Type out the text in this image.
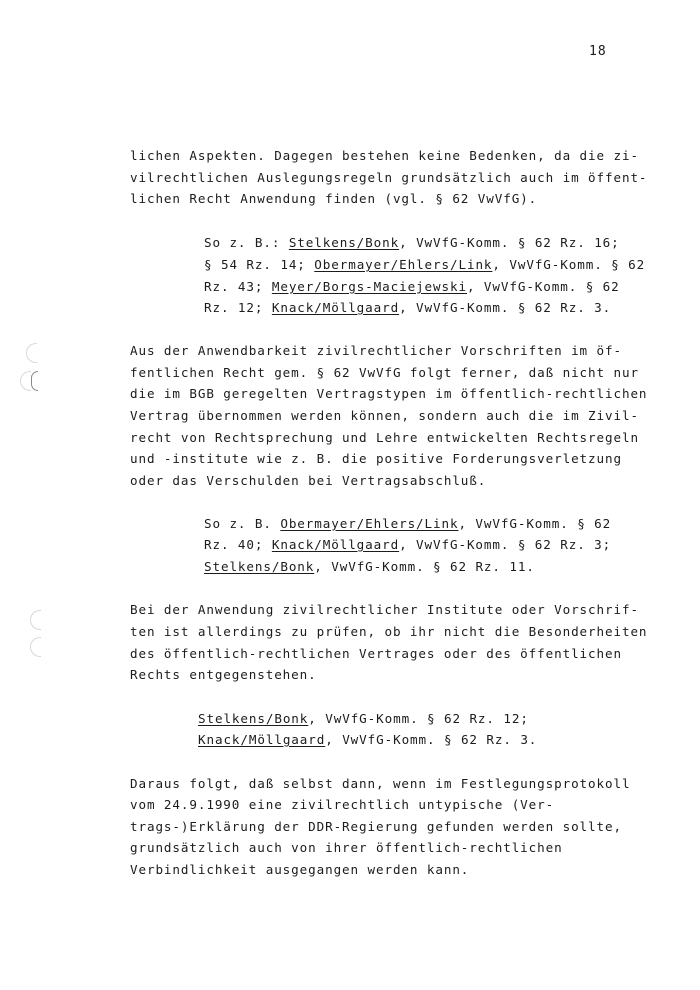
18
lichen Aspekten. Dagegen bestehen keine Bedenken, da die zi-
vilrechtlichen Auslegungsregeln grundsätzlich auch im öffent-
lichen Recht Anwendung finden (vgl. § 62 VwVfG).
So z. B.: Stelkens/Bonk, VwVfG-Komm. § 62 Rz. 16;
§ 54 Rz. 14; Obermayer/Ehlers/Link, VwVfG-Komm. § 62
Rz. 43; Meyer/Borgs-Maciejewski, VwVfG-Komm. § 62
Rz. 12; Knack/Möllgaard, VwVfG-Komm. § 62 Rz. 3.
Aus der Anwendbarkeit zivilrechtlicher Vorschriften im öf-
fentlichen Recht gem. § 62 VwVfG folgt ferner, daß nicht nur
die im BGB geregelten Vertragstypen im öffentlich-rechtlichen
Vertrag übernommen werden können, sondern auch die im Zivil-
recht von Rechtsprechung und Lehre entwickelten Rechtsregeln
und -institute wie z. B. die positive Forderungsverletzung
oder das Verschulden bei Vertragsabschluß.
So z. B. Obermayer/Ehlers/Link, VwVfG-Komm. § 62
Rz. 40; Knack/Möllgaard, VwVfG-Komm. § 62 Rz. 3;
Stelkens/Bonk, VwVfG-Komm. § 62 Rz. 11.
Bei der Anwendung zivilrechtlicher Institute oder Vorschrif-
ten ist allerdings zu prüfen, ob ihr nicht die Besonderheiten
des öffentlich-rechtlichen Vertrages oder des öffentlichen
Rechts entgegenstehen.
Stelkens/Bonk, VwVfG-Komm. § 62 Rz. 12;
Knack/Möllgaard, VwVfG-Komm. § 62 Rz. 3.
Daraus folgt, daß selbst dann, wenn im Festlegungsprotokoll
vom 24.9.1990 eine zivilrechtlich untypische (Ver-
trags-)Erklärung der DDR-Regierung gefunden werden sollte,
grundsätzlich auch von ihrer öffentlich-rechtlichen
Verbindlichkeit ausgegangen werden kann.
